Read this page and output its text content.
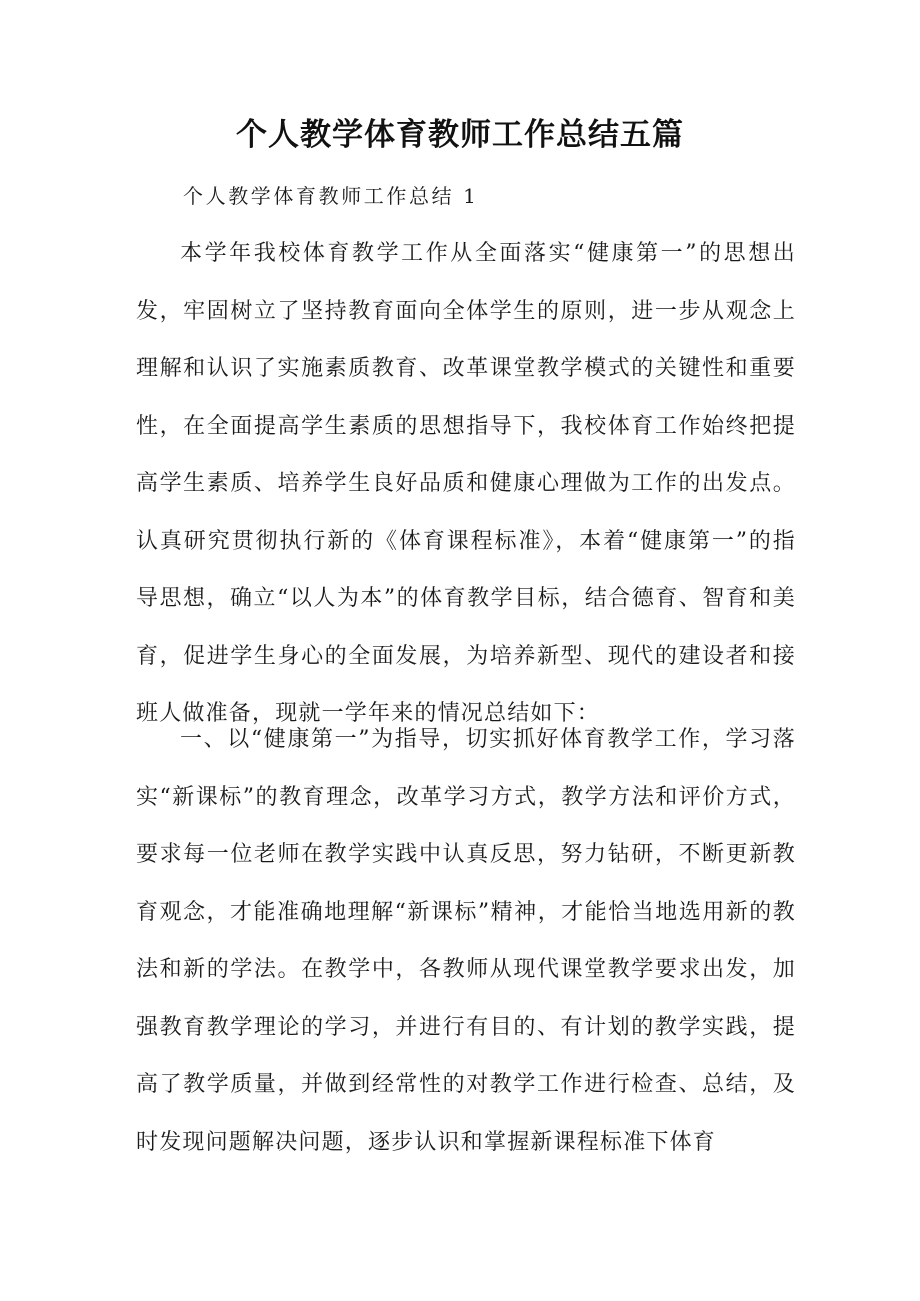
个人教学体育教师工作总结五篇

个人教学体育教师工作总结 1

本学年我校体育教学工作从全面落实“健康第一”的思想出发，牢固树立了坚持教育面向全体学生的原则，进一步从观念上理解和认识了实施素质教育、改革课堂教学模式的关键性和重要性，在全面提高学生素质的思想指导下，我校体育工作始终把提高学生素质、培养学生良好品质和健康心理做为工作的出发点。认真研究贯彻执行新的《体育课程标准》，本着“健康第一”的指导思想，确立“以人为本”的体育教学目标，结合德育、智育和美育，促进学生身心的全面发展，为培养新型、现代的建设者和接班人做准备，现就一学年来的情况总结如下：

一、以“健康第一”为指导，切实抓好体育教学工作，学习落实“新课标”的教育理念，改革学习方式，教学方法和评价方式，要求每一位老师在教学实践中认真反思，努力钻研，不断更新教育观念，才能准确地理解“新课标”精神，才能恰当地选用新的教法和新的学法。在教学中，各教师从现代课堂教学要求出发，加强教育教学理论的学习，并进行有目的、有计划的教学实践，提高了教学质量，并做到经常性的对教学工作进行检查、总结，及时发现问题解决问题，逐步认识和掌握新课程标准下体育
